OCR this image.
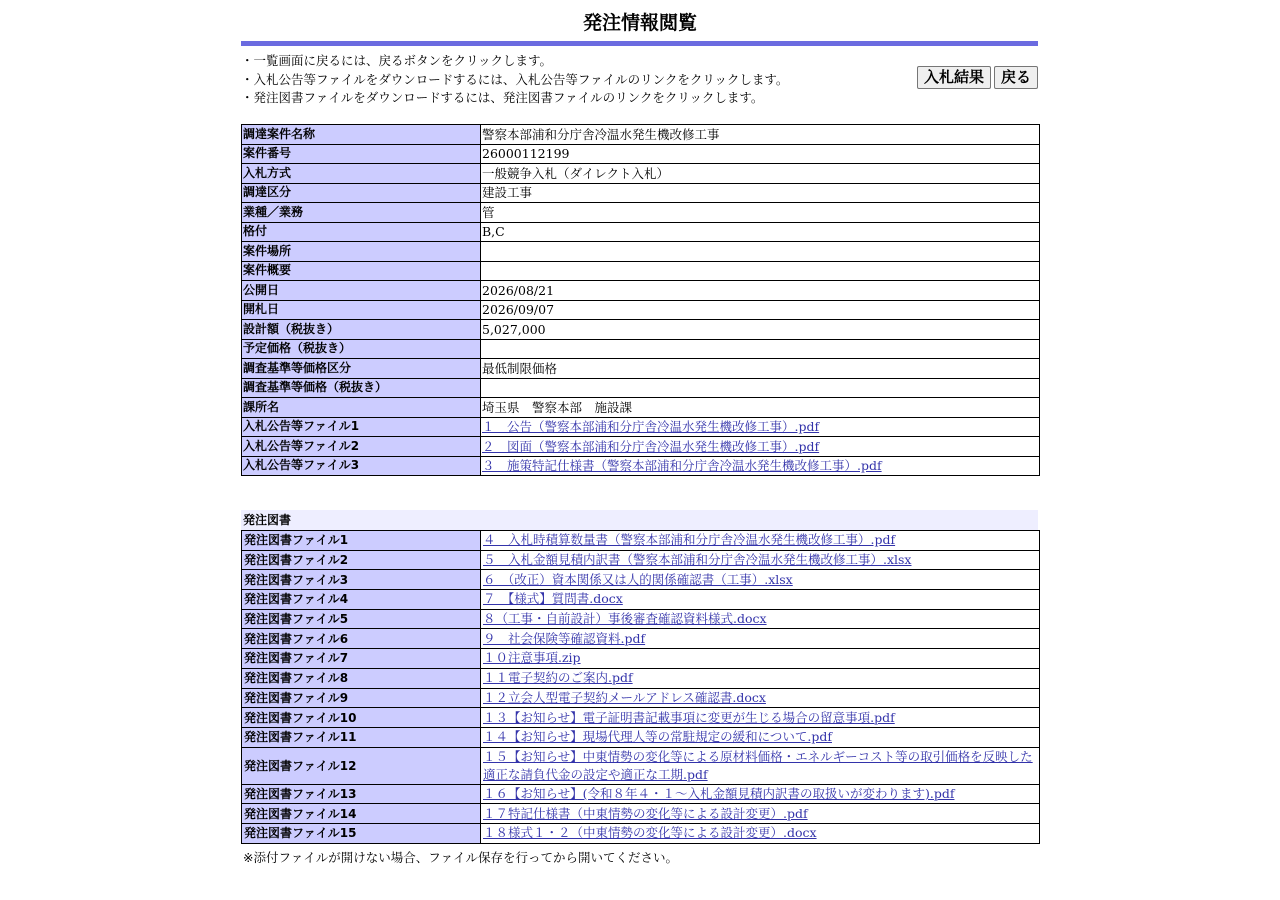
発注情報閲覧
・一覧画面に戻るには、戻るボタンをクリックします。
・入札公告等ファイルをダウンロードするには、入札公告等ファイルのリンクをクリックします。
・発注図書ファイルをダウンロードするには、発注図書ファイルのリンクをクリックします。
入札結果	戻る
調達案件名称	警察本部浦和分庁舎冷温水発生機改修工事
案件番号	26000112199
入札方式	一般競争入札（ダイレクト入札）
調達区分	建設工事
業種／業務	管
格付	B,C
案件場所	
案件概要	
公開日	2026/08/21
開札日	2026/09/07
設計額（税抜き）	5,027,000
予定価格（税抜き）	
調査基準等価格区分	最低制限価格
調査基準等価格（税抜き）	
課所名	埼玉県　警察本部　施設課
入札公告等ファイル1	１　公告（警察本部浦和分庁舎冷温水発生機改修工事）.pdf
入札公告等ファイル2	２　図面（警察本部浦和分庁舎冷温水発生機改修工事）.pdf
入札公告等ファイル3	３　施策特記仕様書（警察本部浦和分庁舎冷温水発生機改修工事）.pdf
発注図書
発注図書ファイル1	４　入札時積算数量書（警察本部浦和分庁舎冷温水発生機改修工事）.pdf
発注図書ファイル2	５　入札金額見積内訳書（警察本部浦和分庁舎冷温水発生機改修工事）.xlsx
発注図書ファイル3	６　（改正）資本関係又は人的関係確認書（工事）.xlsx
発注図書ファイル4	７　【様式】質問書.docx
発注図書ファイル5	８（工事・自前設計）事後審査確認資料様式.docx
発注図書ファイル6	９　社会保険等確認資料.pdf
発注図書ファイル7	１０注意事項.zip
発注図書ファイル8	１１電子契約のご案内.pdf
発注図書ファイル9	１２立会人型電子契約メールアドレス確認書.docx
発注図書ファイル10	１３【お知らせ】電子証明書記載事項に変更が生じる場合の留意事項.pdf
発注図書ファイル11	１４【お知らせ】現場代理人等の常駐規定の緩和について.pdf
発注図書ファイル12	１５【お知らせ】中東情勢の変化等による原材料価格・エネルギーコスト等の取引価格を反映した適正な請負代金の設定や適正な工期.pdf
発注図書ファイル13	１６【お知らせ】(令和８年４・１～入札金額見積内訳書の取扱いが変わります).pdf
発注図書ファイル14	１７特記仕様書（中東情勢の変化等による設計変更）.pdf
発注図書ファイル15	１８様式１・２（中東情勢の変化等による設計変更）.docx
※添付ファイルが開けない場合、ファイル保存を行ってから開いてください。
